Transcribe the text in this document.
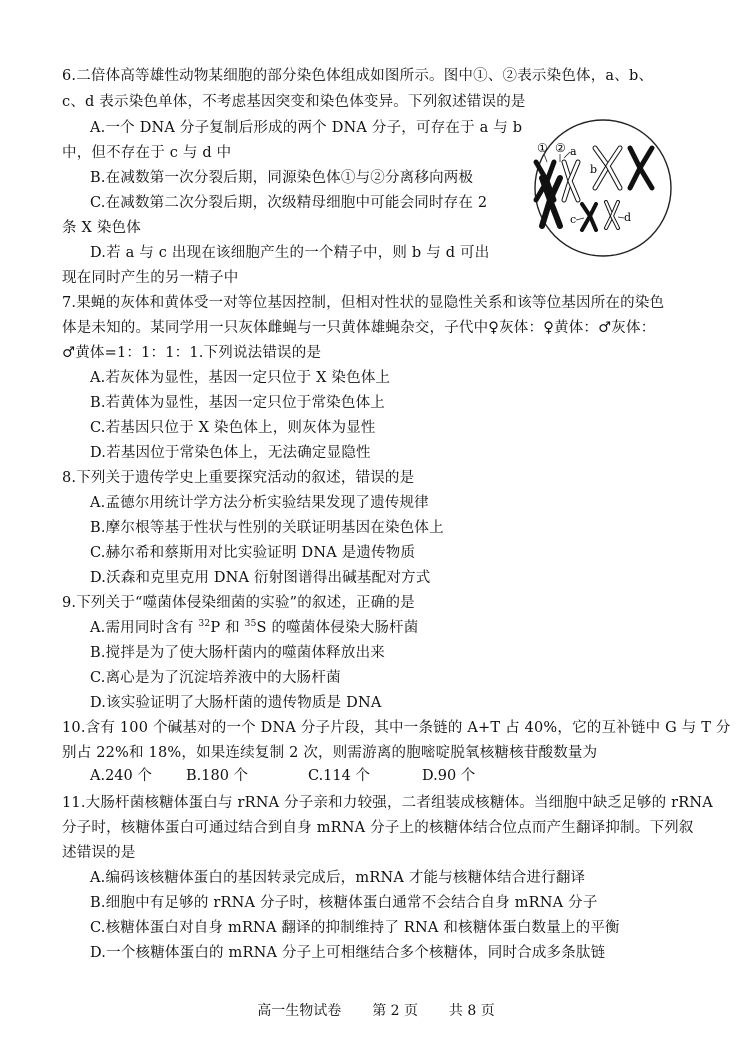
6.二倍体高等雄性动物某细胞的部分染色体组成如图所示。图中①、②表示染色体，a、b、
c、d 表示染色单体，不考虑基因突变和染色体变异。下列叙述错误的是
A.一个 DNA 分子复制后形成的两个 DNA 分子，可存在于 a 与 b
中，但不存在于 c 与 d 中
B.在减数第一次分裂后期，同源染色体①与②分离移向两极
C.在减数第二次分裂后期，次级精母细胞中可能会同时存在 2
条 X 染色体
D.若 a 与 c 出现在该细胞产生的一个精子中，则 b 与 d 可出
现在同时产生的另一精子中
① ② a
b
c	d
7.果蝇的灰体和黄体受一对等位基因控制，但相对性状的显隐性关系和该等位基因所在的染色
体是未知的。某同学用一只灰体雌蝇与一只黄体雄蝇杂交，子代中♀灰体：♀黄体：♂灰体：
♂黄体=1：1：1：1.下列说法错误的是
A.若灰体为显性，基因一定只位于 X 染色体上
B.若黄体为显性，基因一定只位于常染色体上
C.若基因只位于 X 染色体上，则灰体为显性
D.若基因位于常染色体上，无法确定显隐性
8.下列关于遗传学史上重要探究活动的叙述，错误的是
A.孟德尔用统计学方法分析实验结果发现了遗传规律
B.摩尔根等基于性状与性别的关联证明基因在染色体上
C.赫尔希和蔡斯用对比实验证明 DNA 是遗传物质
D.沃森和克里克用 DNA 衍射图谱得出碱基配对方式
9.下列关于“噬菌体侵染细菌的实验”的叙述，正确的是
A.需用同时含有 $^{32}$P 和 $^{35}$S 的噬菌体侵染大肠杆菌
B.搅拌是为了使大肠杆菌内的噬菌体释放出来
C.离心是为了沉淀培养液中的大肠杆菌
D.该实验证明了大肠杆菌的遗传物质是 DNA
10.含有 100 个碱基对的一个 DNA 分子片段，其中一条链的 A+T 占 40%，它的互补链中 G 与 T 分
别占 22%和 18%，如果连续复制 2 次，则需游离的胞嘧啶脱氧核糖核苷酸数量为
A.240 个 B.180 个	C.114 个	D.90 个
11.大肠杆菌核糖体蛋白与 rRNA 分子亲和力较强，二者组装成核糖体。当细胞中缺乏足够的 rRNA
分子时，核糖体蛋白可通过结合到自身 mRNA 分子上的核糖体结合位点而产生翻译抑制。下列叙
述错误的是
A.编码该核糖体蛋白的基因转录完成后，mRNA 才能与核糖体结合进行翻译
B.细胞中有足够的 rRNA 分子时，核糖体蛋白通常不会结合自身 mRNA 分子
C.核糖体蛋白对自身 mRNA 翻译的抑制维持了 RNA 和核糖体蛋白数量上的平衡
D.一个核糖体蛋白的 mRNA 分子上可相继结合多个核糖体，同时合成多条肽链
高一生物试卷 第 2 页 共 8 页
